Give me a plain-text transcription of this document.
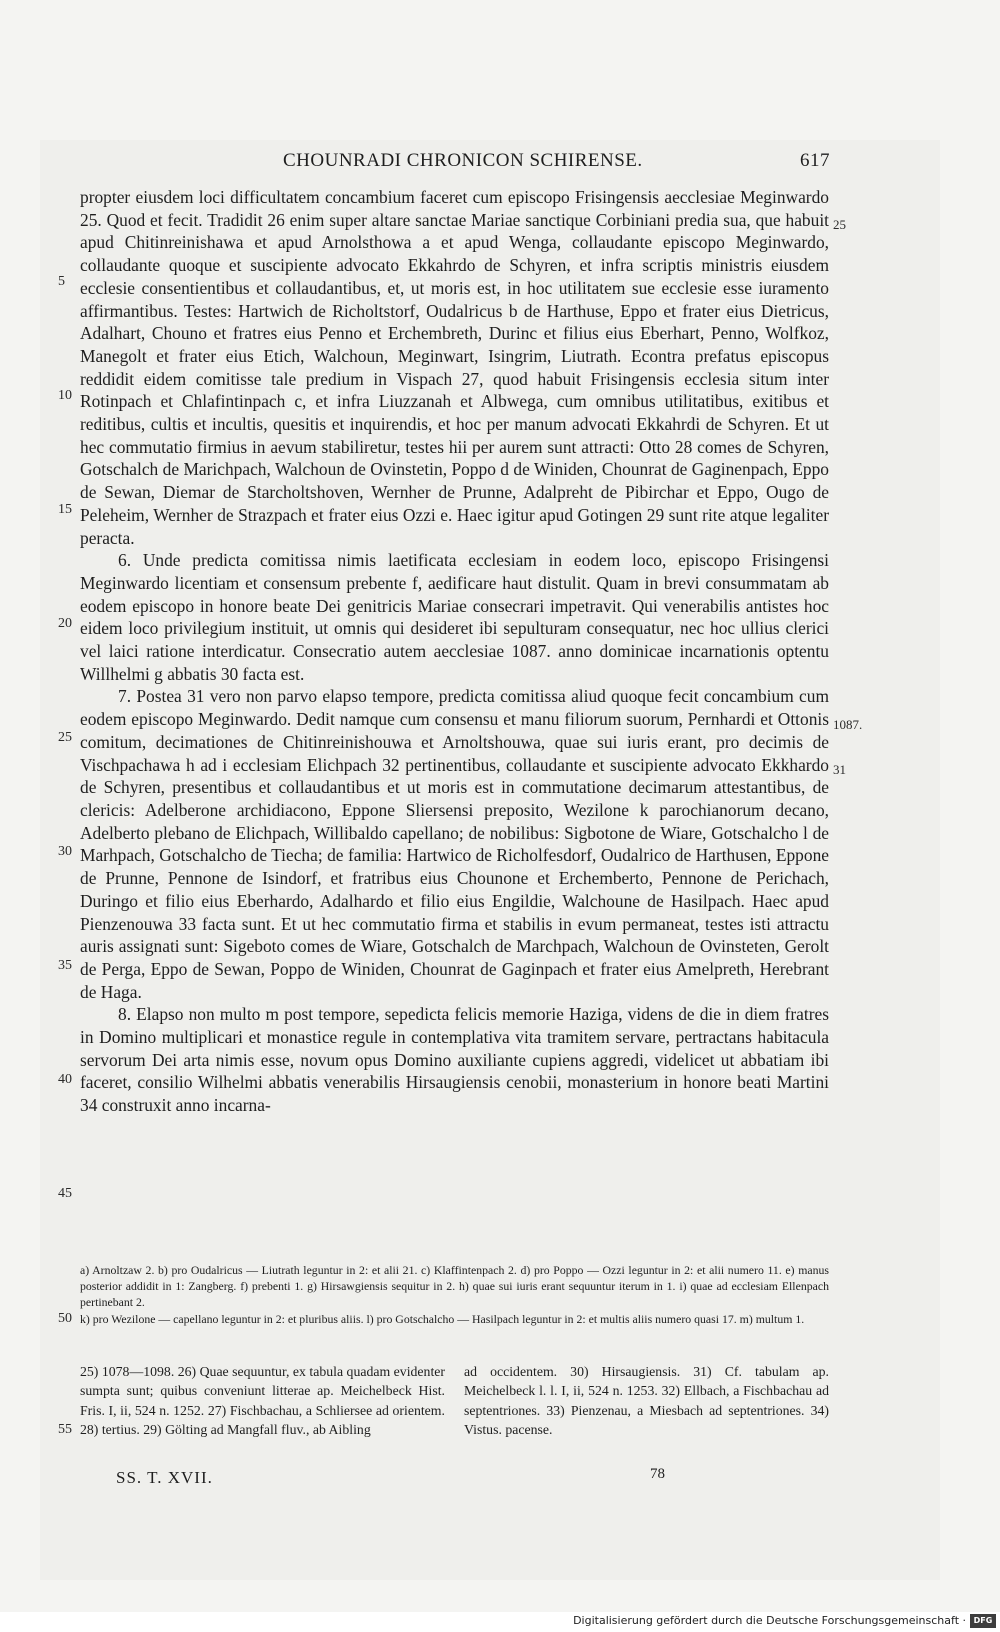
CHOUNRADI CHRONICON SCHIRENSE.	617

propter eiusdem loci difficultatem concambium faceret cum episcopo Frisingensis aecclesiae Meginwardo 25. Quod et fecit. Tradidit 26 enim super altare sanctae Mariae sanctique Corbiniani predia sua, que habuit apud Chitinreinishawa et apud Arnolsthowa a et apud Wenga, collaudante episcopo Meginwardo, collaudante quoque et suscipiente advocato Ekkahrdo de Schyren, et infra scriptis ministris eiusdem ecclesie consentientibus et collaudantibus, et, ut moris est, in hoc utilitatem sue ecclesie esse iuramento affirmantibus. Testes: Hartwich de Richoltstorf, Oudalricus b de Harthuse, Eppo et frater eius Dietricus, Adalhart, Chouno et fratres eius Penno et Erchembreth, Durinc et filius eius Eberhart, Penno, Wolfkoz, Manegolt et frater eius Etich, Walchoun, Meginwart, Isingrim, Liutrath. Econtra prefatus episcopus reddidit eidem comitisse tale predium in Vispach 27, quod habuit Frisingensis ecclesia situm inter Rotinpach et Chlafintinpach c, et infra Liuzzanah et Albwega, cum omnibus utilitatibus, exitibus et reditibus, cultis et incultis, quesitis et inquirendis, et hoc per manum advocati Ekkahrdi de Schyren. Et ut hec commutatio firmius in aevum stabiliretur, testes hii per aurem sunt attracti: Otto 28 comes de Schyren, Gotschalch de Marichpach, Walchoun de Ovinstetin, Poppo d de Winiden, Chounrat de Gaginenpach, Eppo de Sewan, Diemar de Starcholtshoven, Wernher de Prunne, Adalpreht de Pibirchar et Eppo, Ougo de Peleheim, Wernher de Strazpach et frater eius Ozzi e. Haec igitur apud Gotingen 29 sunt rite atque legaliter peracta.

6. Unde predicta comitissa nimis laetificata ecclesiam in eodem loco, episcopo Frisingensi Meginwardo licentiam et consensum prebente f, aedificare haut distulit. Quam in brevi consummatam ab eodem episcopo in honore beate Dei genitricis Mariae consecrari impetravit. Qui venerabilis antistes hoc eidem loco privilegium instituit, ut omnis qui desideret ibi sepulturam consequatur, nec hoc ullius clerici vel laici ratione interdicatur. Consecratio autem aecclesiae 1087. anno dominicae incarnationis optentu Willhelmi g abbatis 30 facta est.

7. Postea 31 vero non parvo elapso tempore, predicta comitissa aliud quoque fecit concambium cum eodem episcopo Meginwardo. Dedit namque cum consensu et manu filiorum suorum, Pernhardi et Ottonis comitum, decimationes de Chitinreinishouwa et Arnoltshouwa, quae sui iuris erant, pro decimis de Vischpachawa h ad i ecclesiam Elichpach 32 pertinentibus, collaudante et suscipiente advocato Ekkhardo de Schyren, presentibus et collaudantibus et ut moris est in commutatione decimarum attestantibus, de clericis: Adelberone archidiacono, Eppone Sliersensi preposito, Wezilone k parochianorum decano, Adelberto plebano de Elichpach, Willibaldo capellano; de nobilibus: Sigbotone de Wiare, Gotschalcho l de Marhpach, Gotschalcho de Tiecha; de familia: Hartwico de Richolfesdorf, Oudalrico de Harthusen, Eppone de Prunne, Pennone de Isindorf, et fratribus eius Chounone et Erchemberto, Pennone de Perichach, Duringo et filio eius Eberhardo, Adalhardo et filio eius Engildie, Walchoune de Hasilpach. Haec apud Pienzenouwa 33 facta sunt. Et ut hec commutatio firma et stabilis in evum permaneat, testes isti attractu auris assignati sunt: Sigeboto comes de Wiare, Gotschalch de Marchpach, Walchoun de Ovinsteten, Gerolt de Perga, Eppo de Sewan, Poppo de Winiden, Chounrat de Gaginpach et frater eius Amelpreth, Herebrant de Haga.

8. Elapso non multo m post tempore, sepedicta felicis memorie Haziga, videns de die in diem fratres in Domino multiplicari et monastice regule in contemplativa vita tramitem servare, pertractans habitacula servorum Dei arta nimis esse, novum opus Domino auxiliante cupiens aggredi, videlicet ut abbatiam ibi faceret, consilio Wilhelmi abbatis venerabilis Hirsaugiensis cenobii, monasterium in honore beati Martini 34 construxit anno incarna-

5
10
15
20
25
30
35
40
45
25
1087.
31

a) Arnoltzaw 2. b) pro Oudalricus — Liutrath leguntur in 2: et alii 21. c) Klaffintenpach 2. d) pro Poppo — Ozzi leguntur in 2: et alii numero 11. e) manus posterior addidit in 1: Zangberg. f) prebenti 1. g) Hirsawgiensis sequitur in 2. h) quae sui iuris erant sequuntur iterum in 1. i) quae ad ecclesiam Ellenpach pertinebant 2.

k) pro Wezilone — capellano leguntur in 2: et pluribus aliis. l) pro Gotschalcho — Hasilpach leguntur in 2: et multis aliis numero quasi 17. m) multum 1.

50

25) 1078—1098. 26) Quae sequuntur, ex tabula quadam evidenter sumpta sunt; quibus conveniunt litterae ap. Meichelbeck Hist. Fris. I, ii, 524 n. 1252. 27) Fischbachau, a Schliersee ad orientem. 28) tertius. 29) Gölting ad Mangfall fluv., ab Aibling

ad occidentem. 30) Hirsaugiensis. 31) Cf. tabulam ap. Meichelbeck l. l. I, ii, 524 n. 1253. 32) Ellbach, a Fischbachau ad septentriones. 33) Pienzenau, a Miesbach ad septentriones. 34) Vistus. pacense.

55
SS. T. XVII.	78
Digitalisierung gefördert durch die Deutsche Forschungsgemeinschaft · DFG
